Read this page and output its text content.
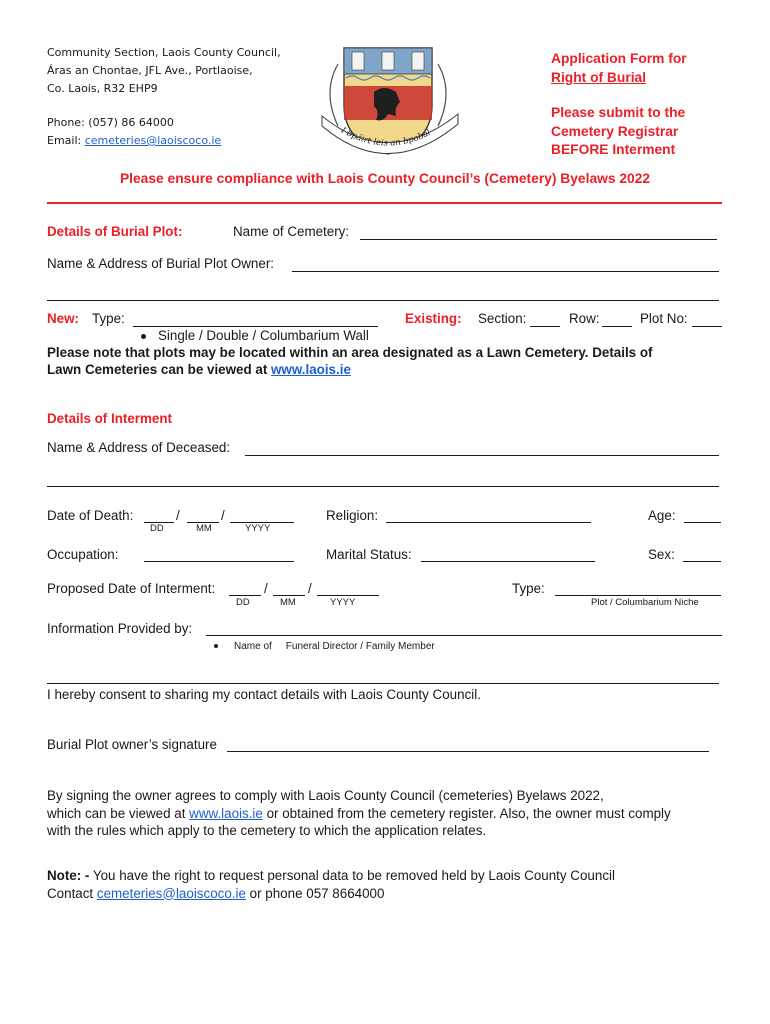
Community Section, Laois County Council,
Áras an Chontae, JFL Ave., Portlaoise,
Co. Laois, R32 EHP9
Phone: (057) 86 64000
Email: cemeteries@laoiscoco.ie
I bpáirt leis an bpobal
Application Form for
Right of Burial
Please submit to the
Cemetery Registrar
BEFORE Interment
Please ensure compliance with Laois County Council’s (Cemetery) Byelaws 2022
Details of Burial Plot:	Name of Cemetery:
Name & Address of Burial Plot Owner:
New: Type:	Existing: Section:	Row:	Plot No:
Single / Double / Columbarium Wall
Please note that plots may be located within an area designated as a Lawn Cemetery. Details of
Lawn Cemeteries can be viewed at www.laois.ie
Details of Interment
Name & Address of Deceased:
Date of Death:	/	/
DD	MM	YYYY
Religion:	Age:
Occupation:	Marital Status:	Sex:
Proposed Date of Interment:	/	/
DD	MM	YYYY
Type:
Plot / Columbarium Niche
Information Provided by:
Name of Funeral Director / Family Member
I hereby consent to sharing my contact details with Laois County Council.
Burial Plot owner’s signature
By signing the owner agrees to comply with Laois County Council (cemeteries) Byelaws 2022,
which can be viewed at www.laois.ie or obtained from the cemetery register. Also, the owner must comply
with the rules which apply to the cemetery to which the application relates.
Note: - You have the right to request personal data to be removed held by Laois County Council
Contact cemeteries@laoiscoco.ie or phone 057 8664000
